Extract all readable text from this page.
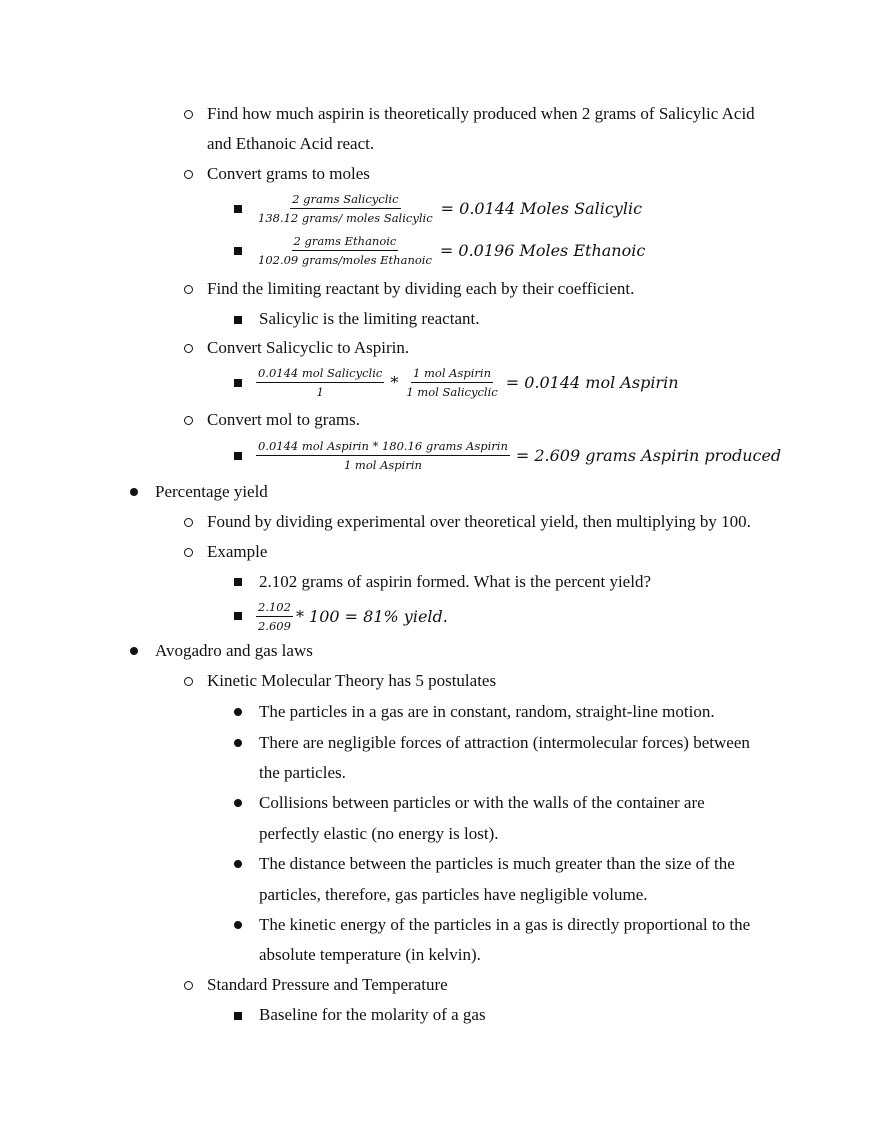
Find how much aspirin is theoretically produced when 2 grams of Salicylic Acid
and Ethanoic Acid react.
Convert grams to moles
$\frac{\text{2 grams Salicyclic}}{\text{138.12 grams/ moles Salicylic}} = 0.0144$ Moles Salicylic
$\frac{\text{2 grams Ethanoic}}{\text{102.09 grams/moles Ethanoic}} = 0.0196$ Moles Ethanoic
Find the limiting reactant by dividing each by their coefficient.
Salicylic is the limiting reactant.
Convert Salicyclic to Aspirin.
$\frac{\text{0.0144 mol Salicyclic}}{1} * \frac{\text{1 mol Aspirin}}{\text{1 mol Salicyclic}} = 0.0144$ mol Aspirin
Convert mol to grams.
$\frac{\text{0.0144 mol Aspirin * 180.16 grams Aspirin}}{\text{1 mol Aspirin}} = 2.609$ grams Aspirin produced
Percentage yield
Found by dividing experimental over theoretical yield, then multiplying by 100.
Example
2.102 grams of aspirin formed. What is the percent yield?
$\frac{2.102}{2.609} * 100 = 81\%$ yield.
Avogadro and gas laws
Kinetic Molecular Theory has 5 postulates
The particles in a gas are in constant, random, straight-line motion.
There are negligible forces of attraction (intermolecular forces) between
the particles.
Collisions between particles or with the walls of the container are
perfectly elastic (no energy is lost).
The distance between the particles is much greater than the size of the
particles, therefore, gas particles have negligible volume.
The kinetic energy of the particles in a gas is directly proportional to the
absolute temperature (in kelvin).
Standard Pressure and Temperature
Baseline for the molarity of a gas
